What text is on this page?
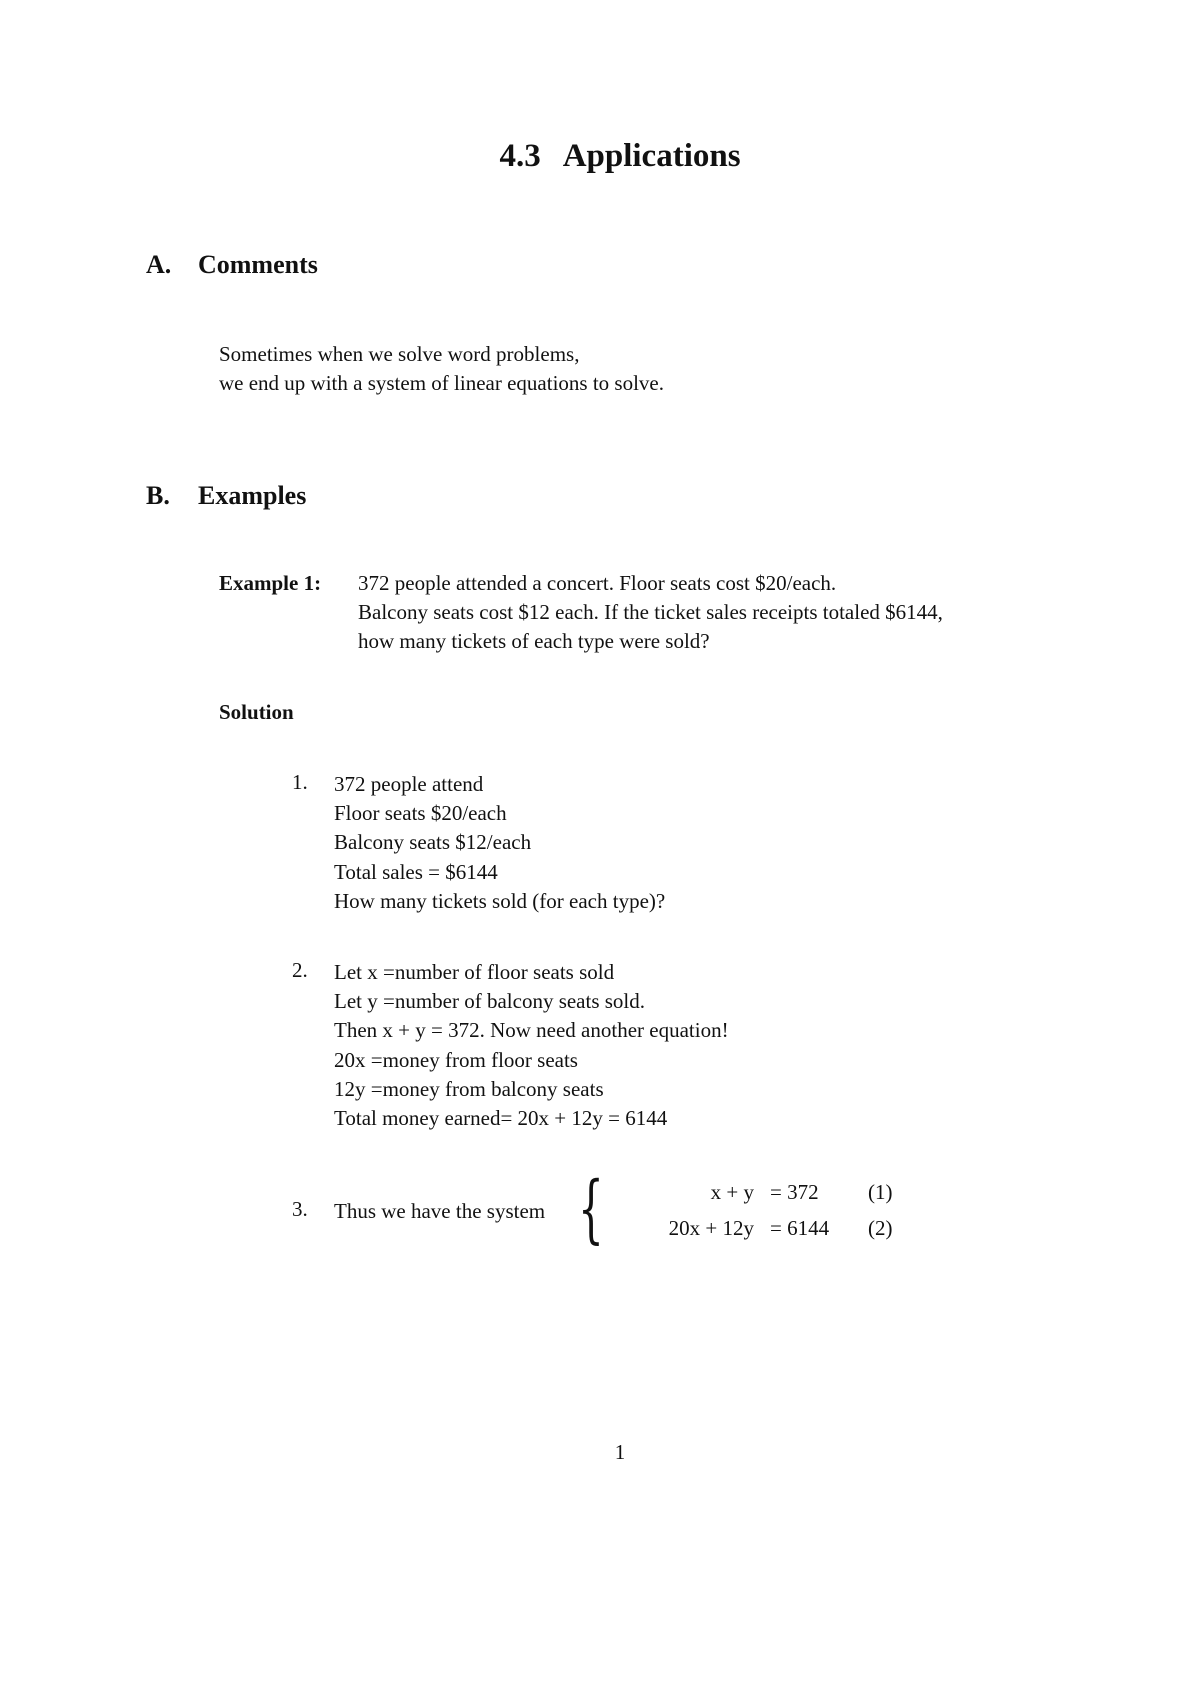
4.3 Applications
A. Comments
Sometimes when we solve word problems,
we end up with a system of linear equations to solve.
B. Examples
Example 1: 372 people attended a concert. Floor seats cost $20/each.
Balcony seats cost $12 each. If the ticket sales receipts totaled $6144,
how many tickets of each type were sold?
Solution
1. 372 people attend
Floor seats $20/each
Balcony seats $12/each
Total sales = $6144
How many tickets sold (for each type)?
2. Let x =number of floor seats sold
Let y =number of balcony seats sold.
Then x + y = 372. Now need another equation!
20x =money from floor seats
12y =money from balcony seats
Total money earned= 20x + 12y = 6144
3. Thus we have the system {	x + y = 372 (1)
20x + 12y = 6144 (2)
1
